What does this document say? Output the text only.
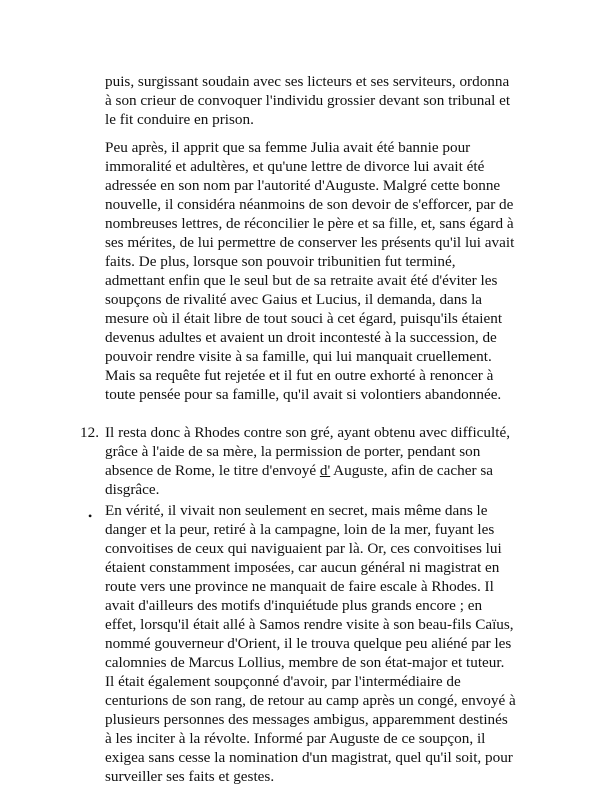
puis, surgissant soudain avec ses licteurs et ses serviteurs, ordonna à son crieur de convoquer l'individu grossier devant son tribunal et le fit conduire en prison.

Peu après, il apprit que sa femme Julia avait été bannie pour immoralité et adultères, et qu'une lettre de divorce lui avait été adressée en son nom par l'autorité d'Auguste. Malgré cette bonne nouvelle, il considéra néanmoins de son devoir de s'efforcer, par de nombreuses lettres, de réconcilier le père et sa fille, et, sans égard à ses mérites, de lui permettre de conserver les présents qu'il lui avait faits. De plus, lorsque son pouvoir tribunitien fut terminé, admettant enfin que le seul but de sa retraite avait été d'éviter les soupçons de rivalité avec Gaius et Lucius, il demanda, dans la mesure où il était libre de tout souci à cet égard, puisqu'ils étaient devenus adultes et avaient un droit incontesté à la succession, de pouvoir rendre visite à sa famille, qui lui manquait cruellement. Mais sa requête fut rejetée et il fut en outre exhorté à renoncer à toute pensée pour sa famille, qu'il avait si volontiers abandonnée.

12. Il resta donc à Rhodes contre son gré, ayant obtenu avec difficulté, grâce à l'aide de sa mère, la permission de porter, pendant son absence de Rome, le titre d'envoyé d' Auguste, afin de cacher sa disgrâce.

• En vérité, il vivait non seulement en secret, mais même dans le danger et la peur, retiré à la campagne, loin de la mer, fuyant les convoitises de ceux qui naviguaient par là. Or, ces convoitises lui étaient constamment imposées, car aucun général ni magistrat en route vers une province ne manquait de faire escale à Rhodes. Il avait d'ailleurs des motifs d'inquiétude plus grands encore ; en effet, lorsqu'il était allé à Samos rendre visite à son beau-fils Caïus, nommé gouverneur d'Orient, il le trouva quelque peu aliéné par les calomnies de Marcus Lollius, membre de son état-major et tuteur. Il était également soupçonné d'avoir, par l'intermédiaire de centurions de son rang, de retour au camp après un congé, envoyé à plusieurs personnes des messages ambigus, apparemment destinés à les inciter à la révolte. Informé par Auguste de ce soupçon, il exigea sans cesse la nomination d'un magistrat, quel qu'il soit, pour surveiller ses faits et gestes.
